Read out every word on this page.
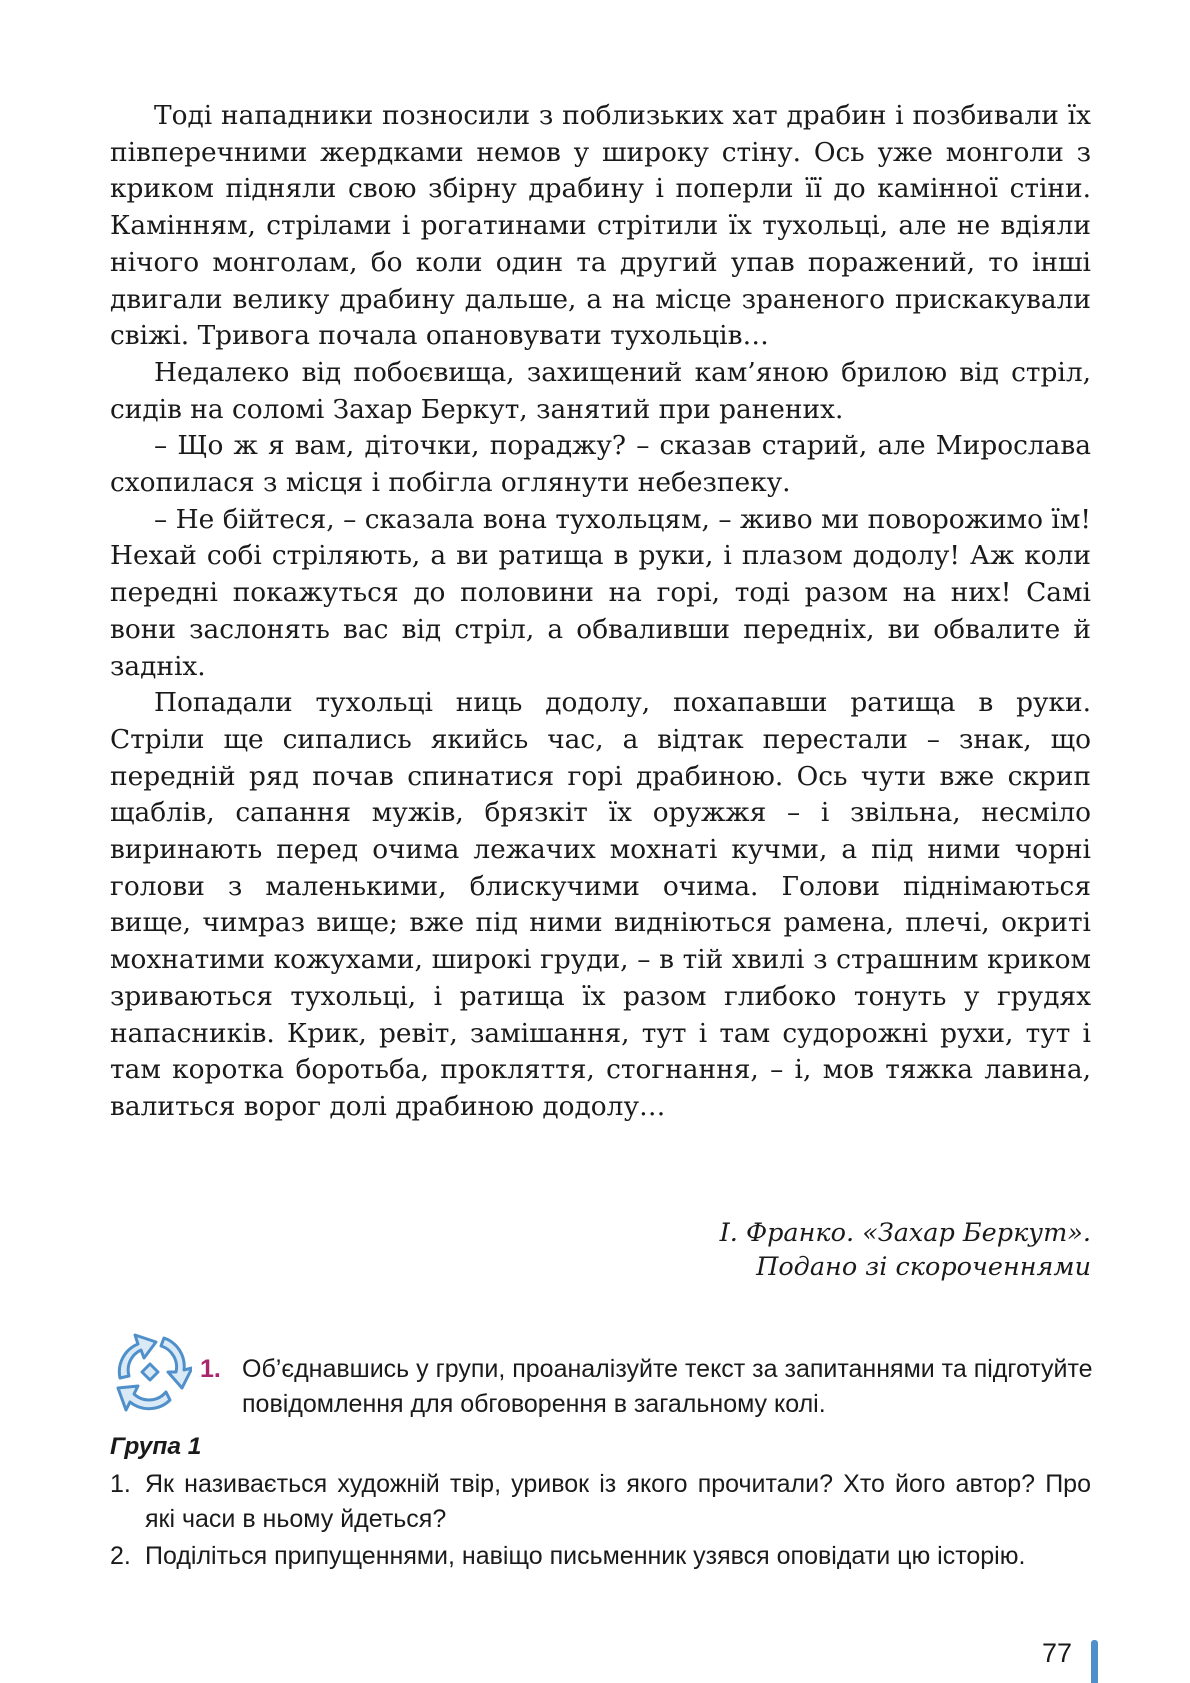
Тоді нападники позносили з поблизьких хат драбин і позбивали їх півперечними жердками немов у широку стіну. Ось уже монголи з криком підняли свою збірну драбину і поперли її до камінної стіни. Камінням, стрілами і рогатинами стрітили їх тухольці, але не вдіяли нічого монголам, бо коли один та другий упав поражений, то інші двигали велику драбину дальше, а на місце зраненого прискакували свіжі. Тривога почала опановувати тухольців…

Недалеко від побоєвища, захищений кам’яною брилою від стріл, сидів на соломі Захар Беркут, занятий при ранених.

– Що ж я вам, діточки, пораджу? – сказав старий, але Мирослава схопилася з місця і побігла оглянути небезпеку.

– Не бійтеся, – сказала вона тухольцям, – живо ми поворожимо їм! Нехай собі стріляють, а ви ратища в руки, і плазом додолу! Аж коли передні покажуться до половини на горі, тоді разом на них! Самі вони заслонять вас від стріл, а обваливши передніх, ви обвалите й задніх.

Попадали тухольці ниць додолу, похапавши ратища в руки. Стріли ще сипались якийсь час, а відтак перестали – знак, що передній ряд почав спинатися горі драбиною. Ось чути вже скрип щаблів, сапання мужів, брязкіт їх оружжя – і звільна, несміло виринають перед очима лежачих мохнаті кучми, а під ними чорні голови з маленькими, блискучими очима. Голови піднімаються вище, чимраз вище; вже під ними видніються рамена, плечі, окриті мохнатими кожухами, широкі груди, – в тій хвилі з страшним криком зриваються тухольці, і ратища їх разом глибоко тонуть у грудях напасників. Крик, ревіт, замішання, тут і там судорожні рухи, тут і там коротка боротьба, прокляття, стогнання, – і, мов тяжка лавина, валиться ворог долі драбиною додолу…

І. Франко. «Захар Беркут».
Подано зі скороченнями
1. Об’єднавшись у групи, проаналізуйте текст за запитаннями та підготуйте повідомлення для обговорення в загальному колі.
Група 1
1. Як називається художній твір, уривок із якого прочитали? Хто його автор? Про які часи в ньому йдеться?
2. Поділіться припущеннями, навіщо письменник узявся оповідати цю історію.
77
